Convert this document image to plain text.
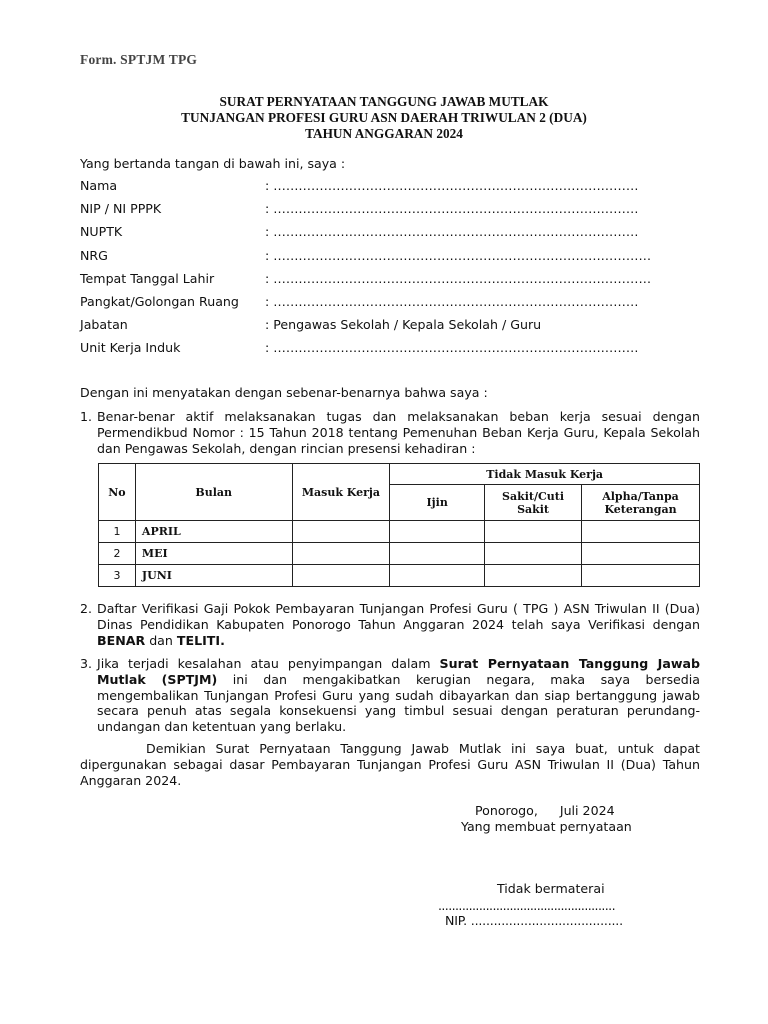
Form. SPTJM TPG
SURAT PERNYATAAN TANGGUNG JAWAB MUTLAK
TUNJANGAN PROFESI GURU ASN DAERAH TRIWULAN 2 (DUA)
TAHUN ANGGARAN 2024
Yang bertanda tangan di bawah ini, saya :
Nama	: ……………………………………………………………………………
NIP / NI PPPK	: ……………………………………………………………………………
NUPTK	: ……………………………………………………………………………
NRG	: ………………………………………………………………………………
Tempat Tanggal Lahir	: ………………………………………………………………………………
Pangkat/Golongan Ruang : ……………………………………………………………………………
Jabatan	: Pengawas Sekolah / Kepala Sekolah / Guru
Unit Kerja Induk	: ……………………………………………………………………………
Dengan ini menyatakan dengan sebenar-benarnya bahwa saya :
1. Benar-benar aktif melaksanakan tugas dan melaksanakan beban kerja sesuai dengan Permendikbud Nomor : 15 Tahun 2018 tentang Pemenuhan Beban Kerja Guru, Kepala Sekolah dan Pengawas Sekolah, dengan rincian presensi kehadiran :
No	Bulan	Masuk Kerja	Tidak Masuk Kerja		
			Ijin	Sakit/Cuti Sakit	Alpha/Tanpa Keterangan
1	APRIL				
2	MEI				
3	JUNI				
2. Daftar Verifikasi Gaji Pokok Pembayaran Tunjangan Profesi Guru ( TPG ) ASN Triwulan II (Dua) Dinas Pendidikan Kabupaten Ponorogo Tahun Anggaran 2024 telah saya Verifikasi dengan BENAR dan TELITI.
3. Jika terjadi kesalahan atau penyimpangan dalam Surat Pernyataan Tanggung Jawab Mutlak (SPTJM) ini dan mengakibatkan kerugian negara, maka saya bersedia mengembalikan Tunjangan Profesi Guru yang sudah dibayarkan dan siap bertanggung jawab secara penuh atas segala konsekuensi yang timbul sesuai dengan peraturan perundang-undangan dan ketentuan yang berlaku.
Demikian Surat Pernyataan Tanggung Jawab Mutlak ini saya buat, untuk dapat dipergunakan sebagai dasar Pembayaran Tunjangan Profesi Guru ASN Triwulan II (Dua) Tahun Anggaran 2024.
Ponorogo, Juli 2024
Yang membuat pernyataan
Tidak bermaterai
....................................................
NIP. ........................................
